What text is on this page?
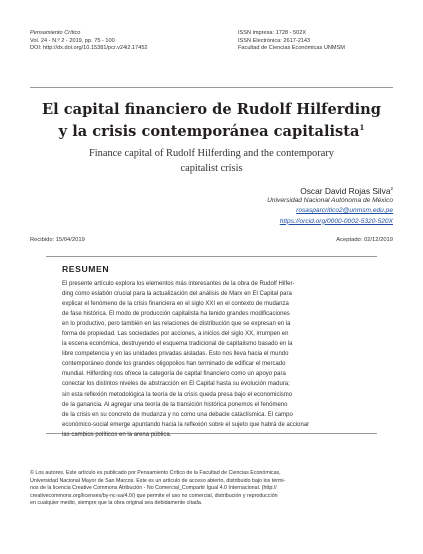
Pensamiento Crítico
Vol. 24 - N.º 2 - 2019, pp. 75 - 100
DOI: http://dx.doi.org/10.15381/pcr.v24i2.17452
ISSN impresa: 1728 - 502X
ISSN Electrónica: 2617-2143
Facultad de Ciencias Económicas UNMSM
El capital financiero de Rudolf Hilferding
y la crisis contemporánea capitalista$^1$
Finance capital of Rudolf Hilferding and the contemporary
capitalist crisis
Oscar David Rojas Silva$^2$
Universidad Nacional Autónoma de México
rosasparcritico2@unmsm.edu.pe
https://orcid.org/0000-0002-5320-520X
Recibido: 15/04/2019	Aceptado: 02/12/2019
RESUMEN

El presente artículo explora los elementos más interesantes de la obra de Rudolf Hilfer-

ding como eslabón crucial para la actualización del análisis de Marx en El Capital para

explicar el fenómeno de la crisis financiera en el siglo XXI en el contexto de mudanza

de fase histórica. El modo de producción capitalista ha tenido grandes modificaciones

en lo productivo, pero también en las relaciones de distribución que se expresan en la

forma de propiedad. Las sociedades por acciones, a inicios del siglo XX, irrumpen en

la escena económica, destruyendo el esquema tradicional de capitalismo basado en la

libre competencia y en las unidades privadas aisladas. Esto nos lleva hacia el mundo

contemporáneo donde los grandes oligopolios han terminado de edificar el mercado

mundial. Hilferding nos ofrece la categoría de capital financiero como un apoyo para

conectar los distintos niveles de abstracción en El Capital hasta su evolución madura;

sin esta reflexión metodológica la teoría de la crisis queda presa bajo el economicismo

de la ganancia. Al agregar una teoría de la transición histórica ponemos el fenómeno

de la crisis en su concreto de mudanza y no como una debacle cataclísmica. El campo

económico-social emerge apuntando hacia la reflexión sobre el sujeto que habrá de accionar

las cambios políticos en la arena pública.

© Los autores. Este artículo es publicado por Pensamiento Crítico de la Facultad de Ciencias Económicas,

Universidad Nacional Mayor de San Marcos. Este es un artículo de acceso abierto, distribuido bajo los térmi-

nos de la licencia Creative Commons Atribución - No Comercial_Compartir Igual 4.0 Internacional. (http://

creativecommons.org/licenses/by-nc-sa/4.0/) que permite el uso no comercial, distribución y reproducción

en cualquier medio, siempre que la obra original sea debidamente citada.
